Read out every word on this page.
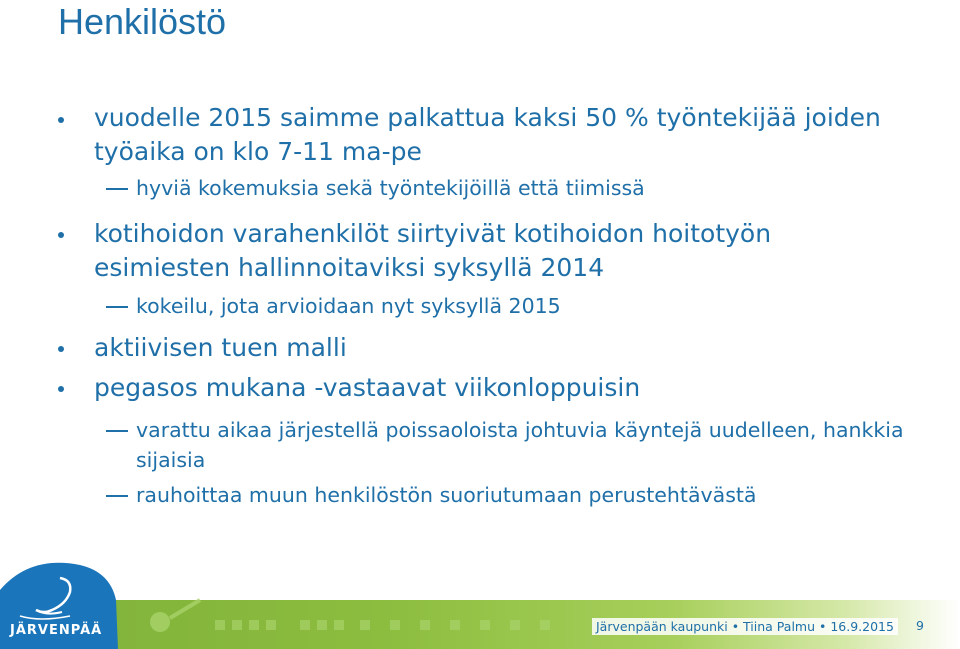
Henkilöstö
vuodelle 2015 saimme palkattua kaksi 50 % työntekijää joiden työaika on klo 7-11 ma-pe
hyviä kokemuksia sekä työntekijöillä että tiimissä
kotihoidon varahenkilöt siirtyivät kotihoidon hoitotyön esimiesten hallinnoitaviksi syksyllä 2014
kokeilu, jota arvioidaan nyt syksyllä 2015
aktiivisen tuen malli
pegasos mukana -vastaavat viikonloppuisin
varattu aikaa järjestellä poissaoloista johtuvia käyntejä uudelleen, hankkia sijaisia
rauhoittaa muun henkilöstön suoriutumaan perustehtävästä
JÄRVENPÄÄ	Järvenpään kaupunki • Tiina Palmu • 16.9.2015	9
